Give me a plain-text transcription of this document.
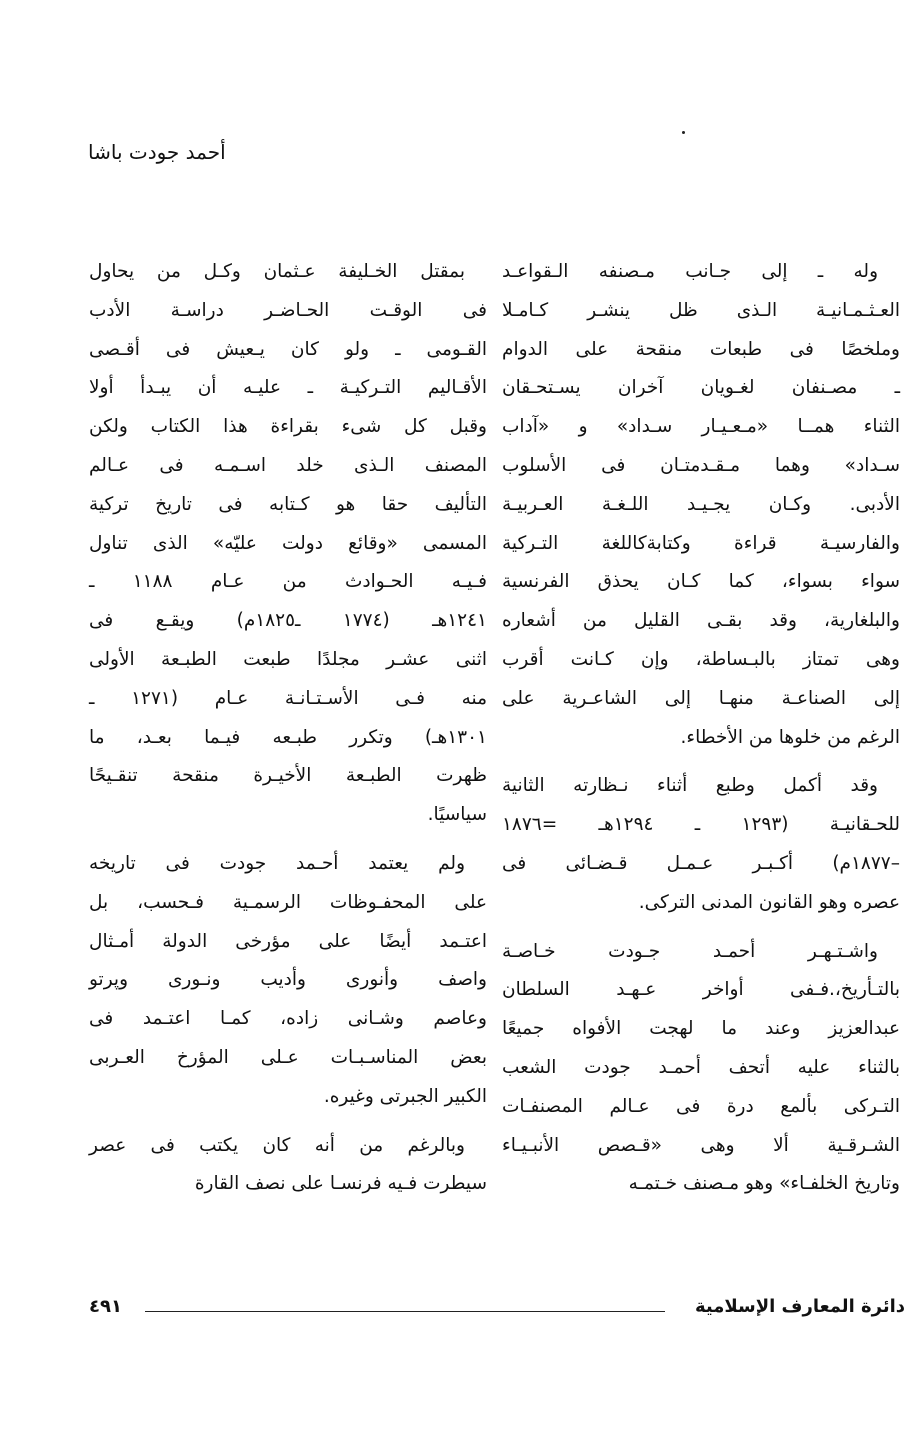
أحمد جودت باشا
وله ـ إلى جـانب مـصنفه الـقواعـد
العـثـمـانيـة الـذى ظل ينشـر كـامـلا
وملخصًا فى طبعات منقحة على الدوام
ـ مصـنفان لغـويان آخران يسـتحـقان
الثناء همــا «مـعـيـار سـداد» و «آداب
سـداد» وهما مـقـدمتـان فى الأسلوب
الأدبى. وكـان يجـيـد اللـغـة العـربيـة
والفارسيـة قراءة وكتابةكاللغة التـركية
سواء بسواء، كما كـان يحذق الفرنسية
والبلغارية، وقد بقـى القليل من أشعاره
وهى تمتاز بالبـساطة، وإن كـانت أقرب
إلى الصناعـة منهـا إلى الشاعـرية على
الرغم من خلوها من الأخطاء.
وقد أكمل وطبع أثناء نـظارته الثانية
للحـقانيـة (١٢٩٣ ـ ١٢٩٤هـ =١٨٧٦
–١٨٧٧م) أكـبـر عـمـل قـضـائى فى
عصره وهو القانون المدنى التركى.
واشـتـهـر أحمـد جـودت خـاصـة
بالتـأريخ،.فـفى أواخر عـهـد السلطان
عبدالعزيز وعند ما لهجت الأفواه جميعًا
بالثناء عليه أتحف أحمـد جودت الشعب
التـركى بألمع درة فى عـالم المصنفـات
الشـرقـية ألا وهى «قـصص الأنبـيـاء
وتاريخ الخلفـاء» وهو مـصنف خـتمـه
بمقتل الخـليفة عـثمان وكـل من يحاول
فى الوقـت الحـاضـر دراسـة الأدب
القـومى ـ ولو كان يـعيش فى أقـصى
الأقـاليم التـركيـة ـ عليـه أن يبـدأ أولا
وقبل كل شىء بقراءة هذا الكتاب ولكن
المصنف الـذى خلد اسـمـه فى عـالم
التأليف حقا هو كـتابه فى تاريخ تركية
المسمى «وقائع دولت عليّه» الذى تناول
فـيـه الحـوادث من عـام ١١٨٨ ـ
١٢٤١هـ (١٧٧٤ ـ١٨٢٥م) ويقـع فى
اثنى عشـر مجلدًا طبعت الطبـعة الأولى
منه فـى الأسـتـانـة عـام (١٢٧١ ـ
١٣٠١هـ) وتكرر طبـعه فيـما بعـد، ما
ظهرت الطبـعة الأخيـرة منقحة تنقـيحًا
سياسيًا.
ولم يعتمد أحـمد جودت فى تاريخه
على المحفـوظات الرسمـية فـحسب، بل
اعتـمد أيضًا على مؤرخى الدولة أمـثال
واصف وأنورى وأديب ونـورى وپرتو
وعاصم وشـانى زاده، كمـا اعتـمد فى
بعض المناسـبـات عـلى المؤرخ العـربى
الكبير الجبرتى وغيره.
وبالرغم من أنه كان يكتب فى عصر
سيطرت فـيه فرنسـا على نصف القارة
دائرة المعارف الإسلامية
٤٩١
